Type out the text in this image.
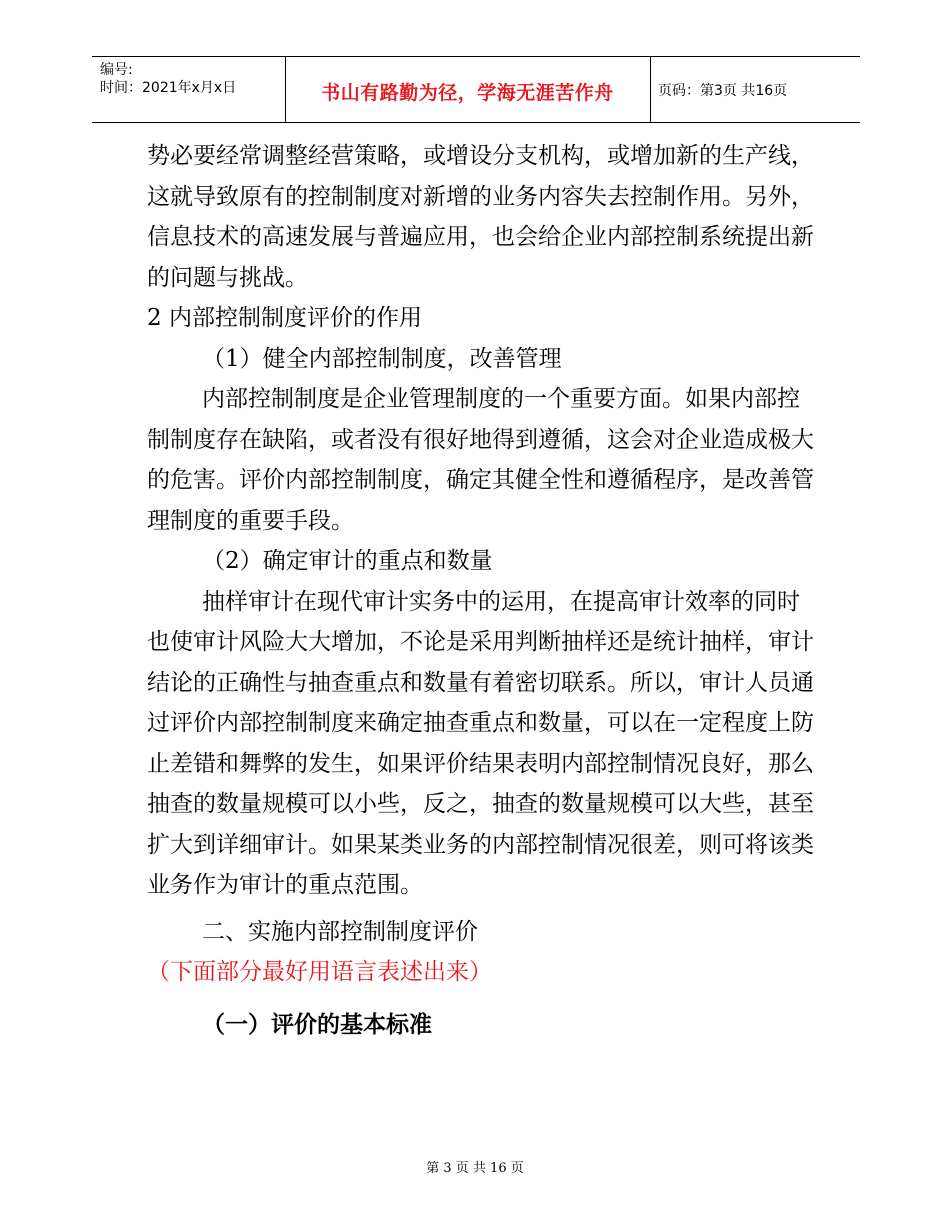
编号:
时间：2021年x月x日	书山有路勤为径，学海无涯苦作舟	页码：第3页 共16页

势必要经常调整经营策略，或增设分支机构，或增加新的生产线，这就导致原有的控制制度对新增的业务内容失去控制作用。另外，信息技术的高速发展与普遍应用，也会给企业内部控制系统提出新的问题与挑战。

2 内部控制制度评价的作用

（1）健全内部控制制度，改善管理

内部控制制度是企业管理制度的一个重要方面。如果内部控制制度存在缺陷，或者没有很好地得到遵循，这会对企业造成极大的危害。评价内部控制制度，确定其健全性和遵循程序，是改善管理制度的重要手段。

（2）确定审计的重点和数量

抽样审计在现代审计实务中的运用，在提高审计效率的同时也使审计风险大大增加，不论是采用判断抽样还是统计抽样，审计结论的正确性与抽查重点和数量有着密切联系。所以，审计人员通过评价内部控制制度来确定抽查重点和数量，可以在一定程度上防止差错和舞弊的发生，如果评价结果表明内部控制情况良好，那么抽查的数量规模可以小些，反之，抽查的数量规模可以大些，甚至扩大到详细审计。如果某类业务的内部控制情况很差，则可将该类业务作为审计的重点范围。

二、实施内部控制制度评价（下面部分最好用语言表述出来）

（一）评价的基本标准

第 3 页 共 16 页
